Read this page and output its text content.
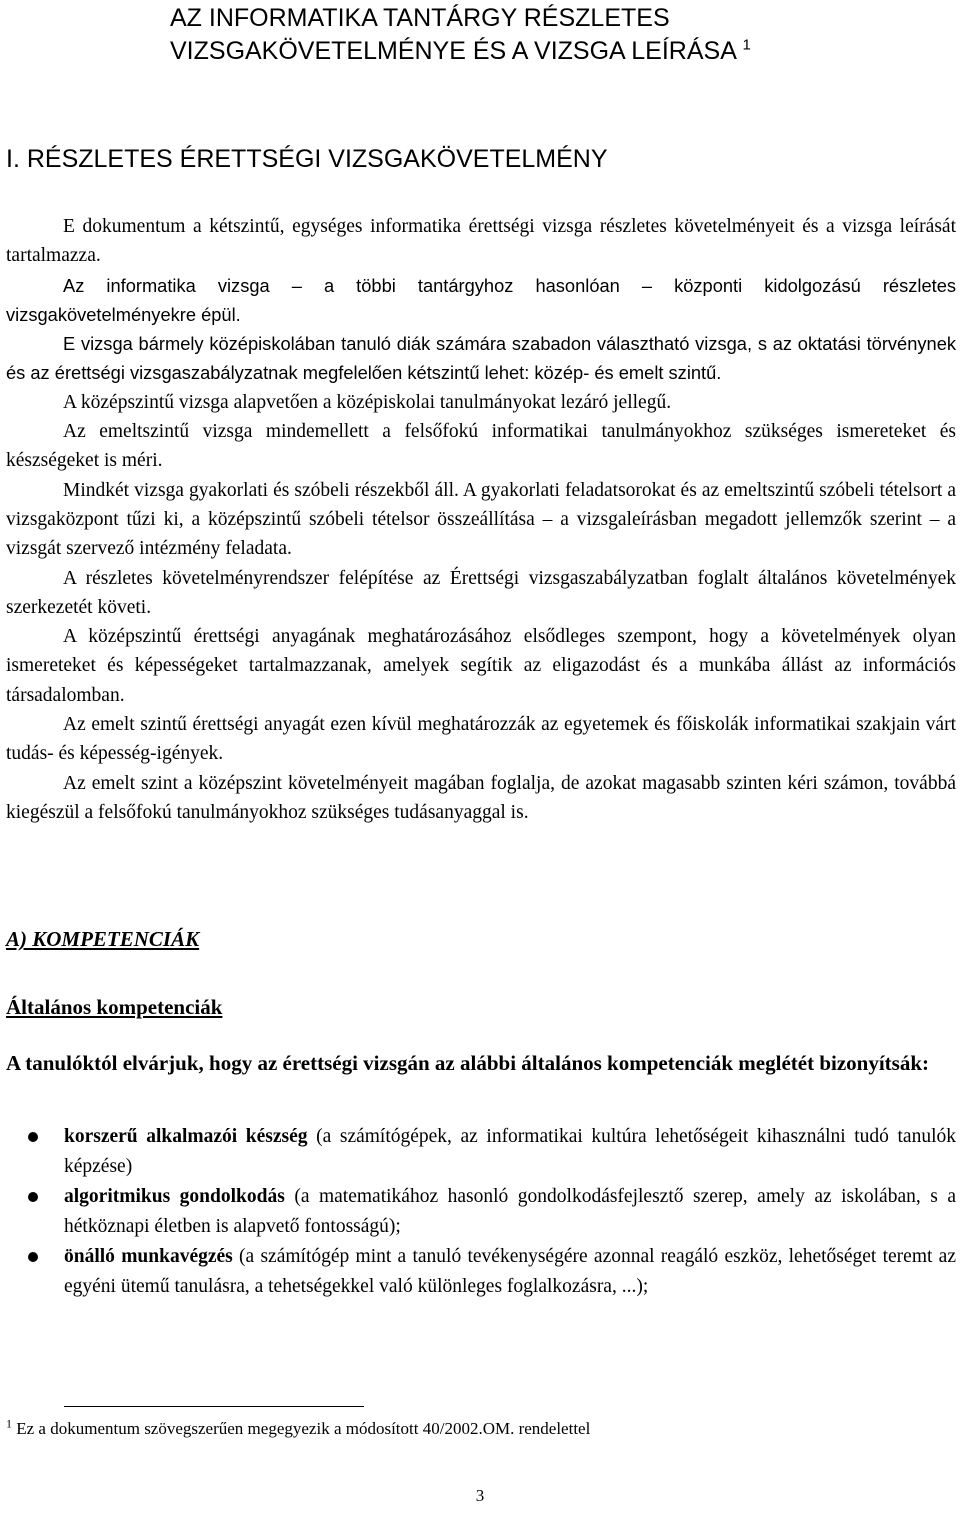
AZ INFORMATIKA TANTÁRGY RÉSZLETES
VIZSGAKÖVETELMÉNYE ÉS A VIZSGA LEÍRÁSA $^1$
I. RÉSZLETES ÉRETTSÉGI VIZSGAKÖVETELMÉNY

E dokumentum a kétszintű, egységes informatika érettségi vizsga részletes követelményeit és a vizsga leírását tartalmazza.

Az informatika vizsga – a többi tantárgyhoz hasonlóan – központi kidolgozású részletes vizsgakövetelményekre épül.

E vizsga bármely középiskolában tanuló diák számára szabadon választható vizsga, s az oktatási törvénynek és az érettségi vizsgaszabályzatnak megfelelően kétszintű lehet: közép- és emelt szintű.

A középszintű vizsga alapvetően a középiskolai tanulmányokat lezáró jellegű.

Az emeltszintű vizsga mindemellett a felsőfokú informatikai tanulmányokhoz szükséges ismereteket és készségeket is méri.

Mindkét vizsga gyakorlati és szóbeli részekből áll. A gyakorlati feladatsorokat és az emeltszintű szóbeli tételsort a vizsgaközpont tűzi ki, a középszintű szóbeli tételsor összeállítása – a vizsgaleírásban megadott jellemzők szerint – a vizsgát szervező intézmény feladata.

A részletes követelményrendszer felépítése az Érettségi vizsgaszabályzatban foglalt általános követelmények szerkezetét követi.

A középszintű érettségi anyagának meghatározásához elsődleges szempont, hogy a követelmények olyan ismereteket és képességeket tartalmazzanak, amelyek segítik az eligazodást és a munkába állást az információs társadalomban.

Az emelt szintű érettségi anyagát ezen kívül meghatározzák az egyetemek és főiskolák informatikai szakjain várt tudás- és képesség-igények.

Az emelt szint a középszint követelményeit magában foglalja, de azokat magasabb szinten kéri számon, továbbá kiegészül a felsőfokú tanulmányokhoz szükséges tudásanyaggal is.

A) KOMPETENCIÁK
Általános kompetenciák

A tanulóktól elvárjuk, hogy az érettségi vizsgán az alábbi általános kompetenciák meglétét bizonyítsák:

korszerű alkalmazói készség (a számítógépek, az informatikai kultúra lehetőségeit kihasználni tudó tanulók képzése)
algoritmikus gondolkodás (a matematikához hasonló gondolkodásfejlesztő szerep, amely az iskolában, s a hétköznapi életben is alapvető fontosságú);
önálló munkavégzés (a számítógép mint a tanuló tevékenységére azonnal reagáló eszköz, lehetőséget teremt az egyéni ütemű tanulásra, a tehetségekkel való különleges foglalkozásra, ...);

$^1$ Ez a dokumentum szövegszerűen megegyezik a módosított 40/2002.OM. rendelettel

3
